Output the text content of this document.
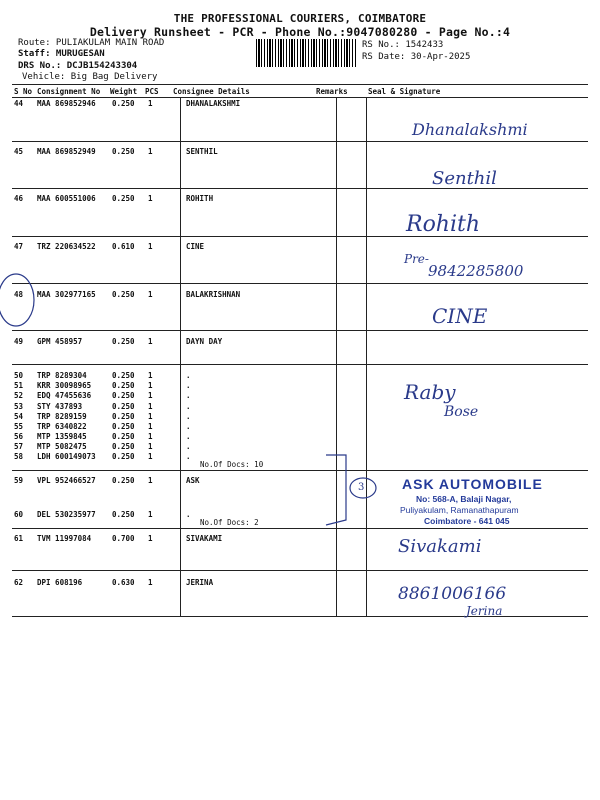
THE PROFESSIONAL COURIERS, COIMBATORE
Delivery Runsheet - PCR - Phone No.:9047080280 - Page No.:4
Route: PULIAKULAM MAIN ROAD
Staff: MURUGESAN
DRS No.: DCJB154243304
Vehicle: Big Bag Delivery
RS No.: 1542433
RS Date: 30-Apr-2025
S No Consignment No Weight PCS Consignee Details	Remarks	Seal & Signature
44 MAA 869852946 0.250 1	DHANALAKSHMI
45 MAA 869852949 0.250 1	SENTHIL
46 MAA 600551006 0.250 1	ROHITH
47 TRZ 220634522 0.610 1	CINE
48 MAA 302977165 0.250 1	BALAKRISHNAN
49 GPM 458957	0.250 1	DAYN DAY
50 TRP 8289304	0.250 1	.
51 KRR 30098965	0.250 1	.
52 EDQ 47455636	0.250 1	.
53 STY 437893	0.250 1	.
54 TRP 8289159	0.250 1	.
55 TRP 6340822	0.250 1	.
56 MTP 1359845	0.250 1	.
57 MTP 5082475	0.250 1	.
58 LDH 600149073 0.250 1	.
No.Of Docs: 10
59 VPL 952466527 0.250 1	ASK
60 DEL 530235977 0.250 1	.
No.Of Docs: 2
61 TVM 11997084	0.700 1	SIVAKAMI
62 DPI 608196	0.630 1	JERINA
3
Dhanalakshmi
Senthil
Rohith
Pre-
9842285800
CINE
Raby
Bose
ASK AUTOMOBILE
No: 568-A, Balaji Nagar,
Puliyakulam, Ramanathapuram
Coimbatore - 641 045
Sivakami
8861006166
Jerina
